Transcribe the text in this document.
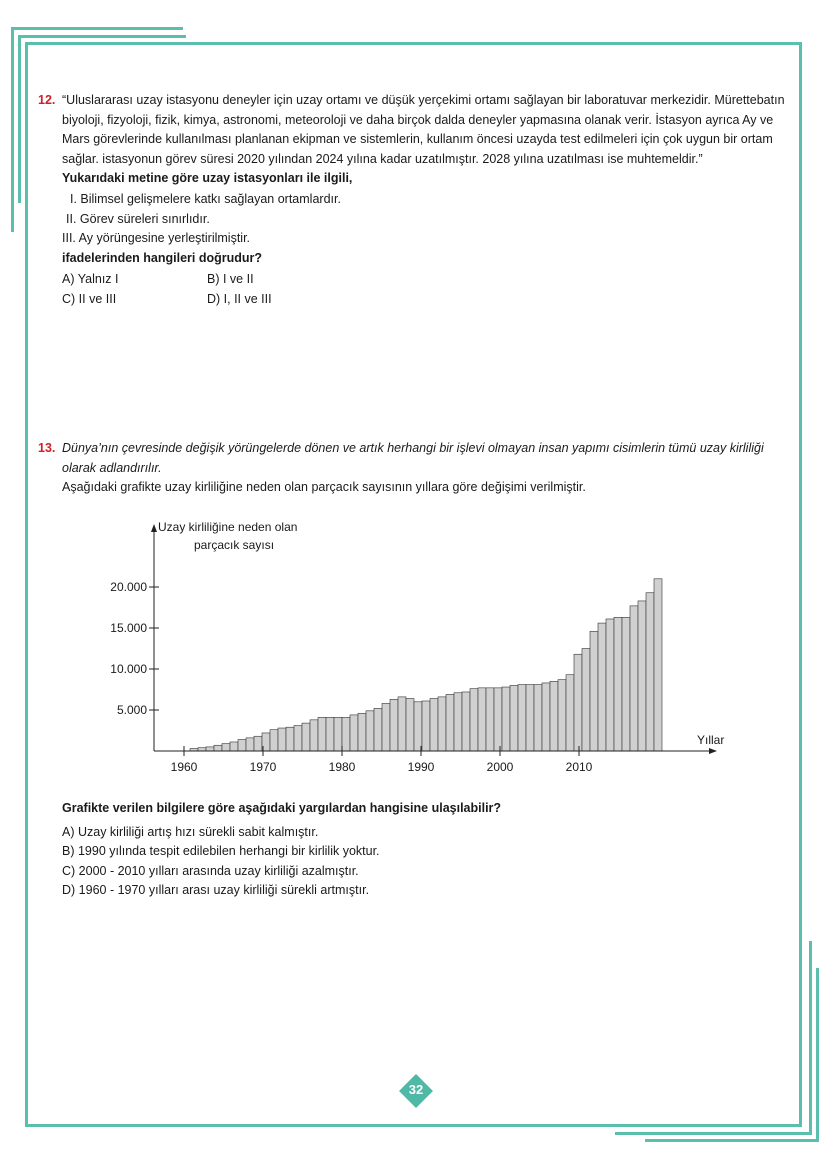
12. “Uluslararası uzay istasyonu deneyler için uzay ortamı ve düşük yerçekimi ortamı sağlayan bir laboratuvar merkezidir. Mürettebatın biyoloji, fizyoloji, fizik, kimya, astronomi, meteoroloji ve daha birçok dalda deneyler yapmasına olanak verir. İstasyon ayrıca Ay ve Mars görevlerinde kullanılması planlanan ekipman ve sistemlerin, kullanım öncesi uzayda test edilmeleri için çok uygun bir ortam sağlar. istasyonun görev süresi 2020 yılından 2024 yılına kadar uzatılmıştır. 2028 yılına uzatılması ise muhtemeldir.”
Yukarıdaki metine göre uzay istasyonları ile ilgili,
I. Bilimsel gelişmelere katkı sağlayan ortamlardır.
II. Görev süreleri sınırlıdır.
III. Ay yörüngesine yerleştirilmiştir.
ifadelerinden hangileri doğrudur?
A) Yalnız I	B) I ve II
C) II ve III	D) I, II ve III
13. Dünya’nın çevresinde değişik yörüngelerde dönen ve artık herhangi bir işlevi olmayan insan yapımı cisimlerin tümü uzay kirliliği olarak adlandırılır.
Aşağıdaki grafikte uzay kirliliğine neden olan parçacık sayısının yıllara göre değişimi verilmiştir.
5.000
10.000
15.000
20.000
1960	1970	1980	1990	2000	2010
Uzay kirliliğine neden olan
parçacık sayısı
Yıllar
Grafikte verilen bilgilere göre aşağıdaki yargılardan hangisine ulaşılabilir?
A) Uzay kirliliği artış hızı sürekli sabit kalmıştır.
B) 1990 yılında tespit edilebilen herhangi bir kirlilik yoktur.
C) 2000 - 2010 yılları arasında uzay kirliliği azalmıştır.
D) 1960 - 1970 yılları arası uzay kirliliği sürekli artmıştır.
32
